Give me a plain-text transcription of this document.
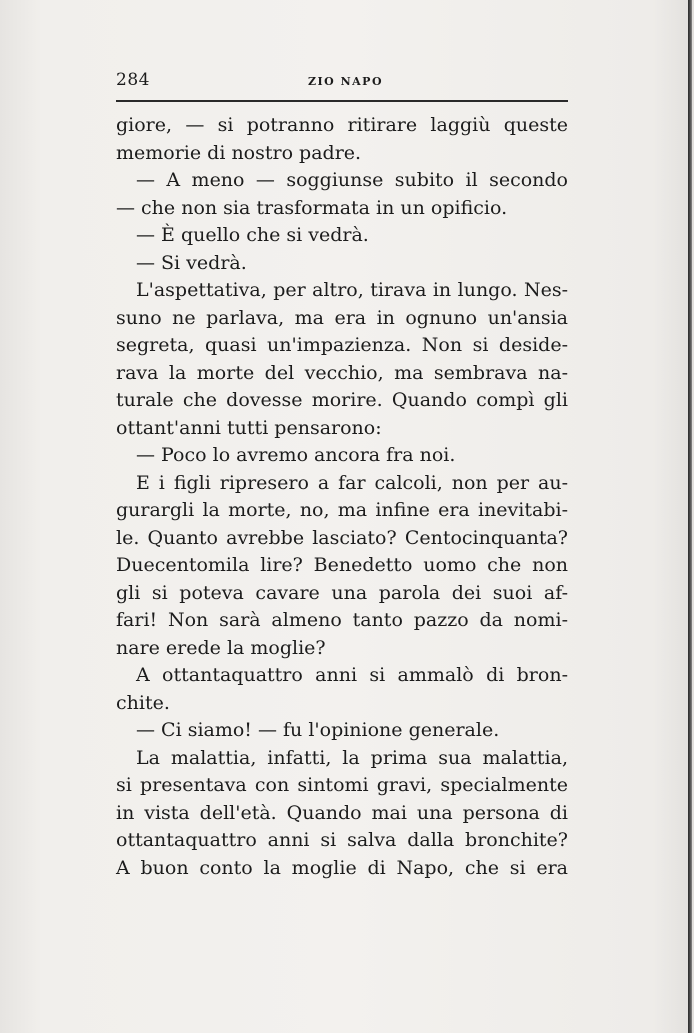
284	ZIO NAPO
giore, — si potranno ritirare laggiù queste
memorie di nostro padre.
— A meno — soggiunse subito il secondo
— che non sia trasformata in un opificio.
— È quello che si vedrà.
— Si vedrà.
L'aspettativa, per altro, tirava in lungo. Nes-
suno ne parlava, ma era in ognuno un'ansia
segreta, quasi un'impazienza. Non si deside-
rava la morte del vecchio, ma sembrava na-
turale che dovesse morire. Quando compì gli
ottant'anni tutti pensarono:
— Poco lo avremo ancora fra noi.
E i figli ripresero a far calcoli, non per au-
gurargli la morte, no, ma infine era inevitabi-
le. Quanto avrebbe lasciato? Centocinquanta?
Duecentomila lire? Benedetto uomo che non
gli si poteva cavare una parola dei suoi af-
fari! Non sarà almeno tanto pazzo da nomi-
nare erede la moglie?
A ottantaquattro anni si ammalò di bron-
chite.
— Ci siamo! — fu l'opinione generale.
La malattia, infatti, la prima sua malattia,
si presentava con sintomi gravi, specialmente
in vista dell'età. Quando mai una persona di
ottantaquattro anni si salva dalla bronchite?
A buon conto la moglie di Napo, che si era
